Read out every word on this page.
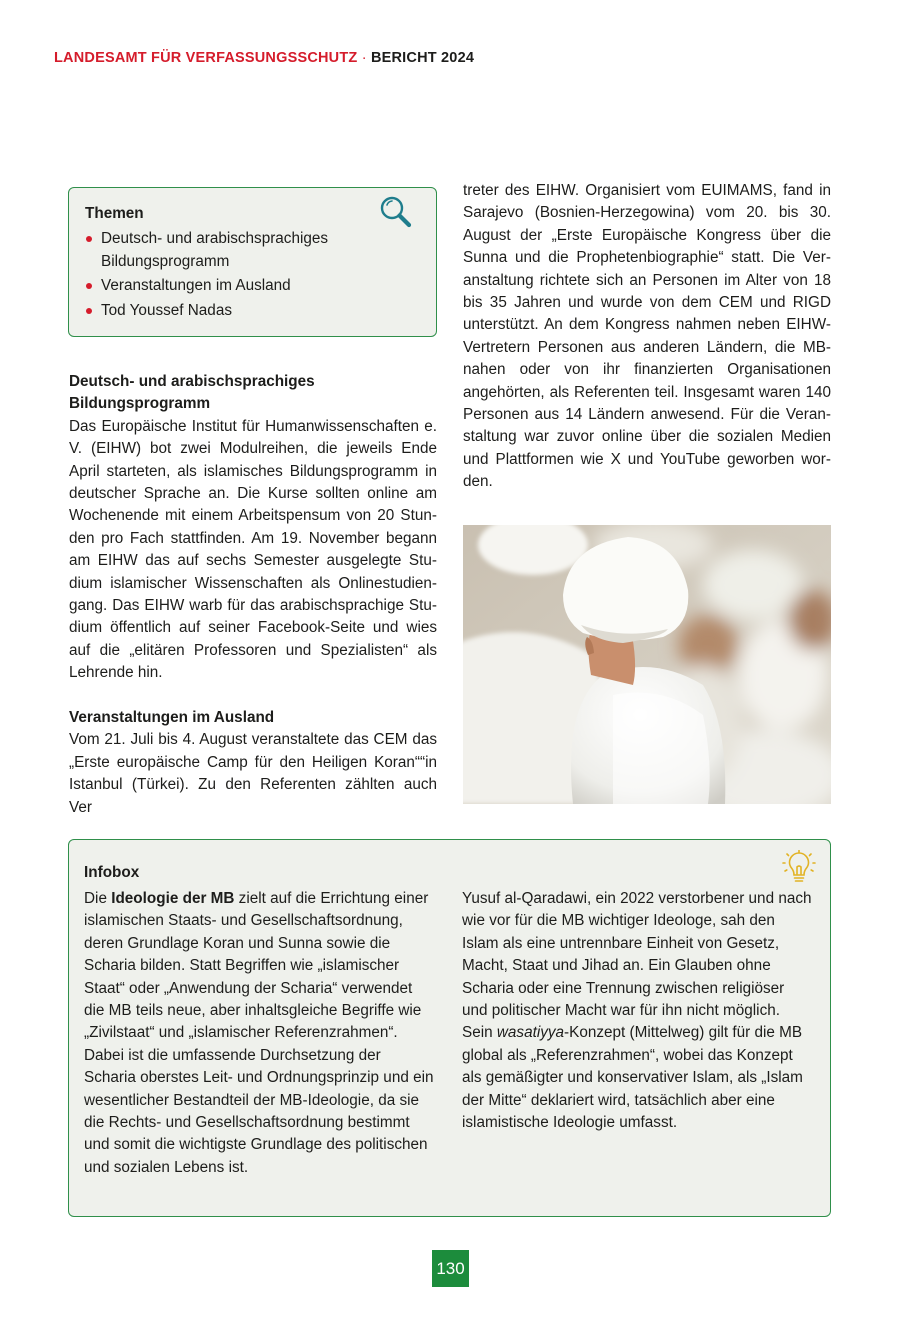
LANDESAMT FÜR VERFASSUNGSSCHUTZ · BERICHT 2024
Themen
Deutsch- und arabischsprachiges Bildungsprogramm
Veranstaltungen im Ausland
Tod Youssef Nadas
Deutsch- und arabischsprachiges Bildungsprogramm

Das Europäische Institut für Humanwissenschaften e. V. (EIHW) bot zwei Modulreihen, die jeweils Ende April starteten, als islamisches Bildungsprogramm in deutscher Sprache an. Die Kurse sollten online am Wochenende mit einem Arbeitspensum von 20 Stunden pro Fach stattfinden. Am 19. November begann am EIHW das auf sechs Semester ausgelegte Studium islamischer Wissenschaften als Onlinestudiengang. Das EIHW warb für das arabischsprachige Studium öffentlich auf seiner Facebook-Seite und wies auf die „elitären Professoren und Spezialisten“ als Lehrende hin.

Veranstaltungen im Ausland

Vom 21. Juli bis 4. August veranstaltete das CEM das „Erste europäische Camp für den Heiligen Koran““in Istanbul (Türkei). Zu den Referenten zählten auch Ver

treter des EIHW. Organisiert vom EUIMAMS, fand in Sarajevo (Bosnien-Herzegowina) vom 20. bis 30. August der „Erste Europäische Kongress über die Sunna und die Prophetenbiographie“ statt. Die Veranstaltung richtete sich an Personen im Alter von 18 bis 35 Jahren und wurde von dem CEM und RIGD unterstützt. An dem Kongress nahmen neben EIHW-Vertretern Personen aus anderen Ländern, die MB-nahen oder von ihr finanzierten Organisationen angehörten, als Referenten teil. Insgesamt waren 140 Personen aus 14 Ländern anwesend. Für die Veranstaltung war zuvor online über die sozialen Medien und Plattformen wie X und YouTube geworben worden.

Infobox
Die Ideologie der MB zielt auf die Errichtung einer islamischen Staats- und Gesellschaftsordnung, deren Grundlage Koran und Sunna sowie die Scharia bilden. Statt Begriffen wie „islamischer Staat“ oder „Anwendung der Scharia“ verwendet die MB teils neue, aber inhaltsgleiche Begriffe wie „Zivilstaat“ und „islamischer Referenzrahmen“. Dabei ist die umfassende Durchsetzung der Scharia oberstes Leit- und Ordnungsprinzip und ein wesentlicher Bestandteil der MB-Ideologie, da sie die Rechts- und Gesellschaftsordnung bestimmt und somit die wichtigste Grundlage des politischen und sozialen Lebens ist.
Yusuf al-Qaradawi, ein 2022 verstorbener und nach wie vor für die MB wichtiger Ideologe, sah den Islam als eine untrennbare Einheit von Gesetz, Macht, Staat und Jihad an. Ein Glauben ohne Scharia oder eine Trennung zwischen religiöser und politischer Macht war für ihn nicht möglich. Sein wasatiyya-Konzept (Mittelweg) gilt für die MB global als „Referenzrahmen“, wobei das Konzept als gemäßigter und konservativer Islam, als „Islam der Mitte“ deklariert wird, tatsächlich aber eine islamistische Ideologie umfasst.
130
